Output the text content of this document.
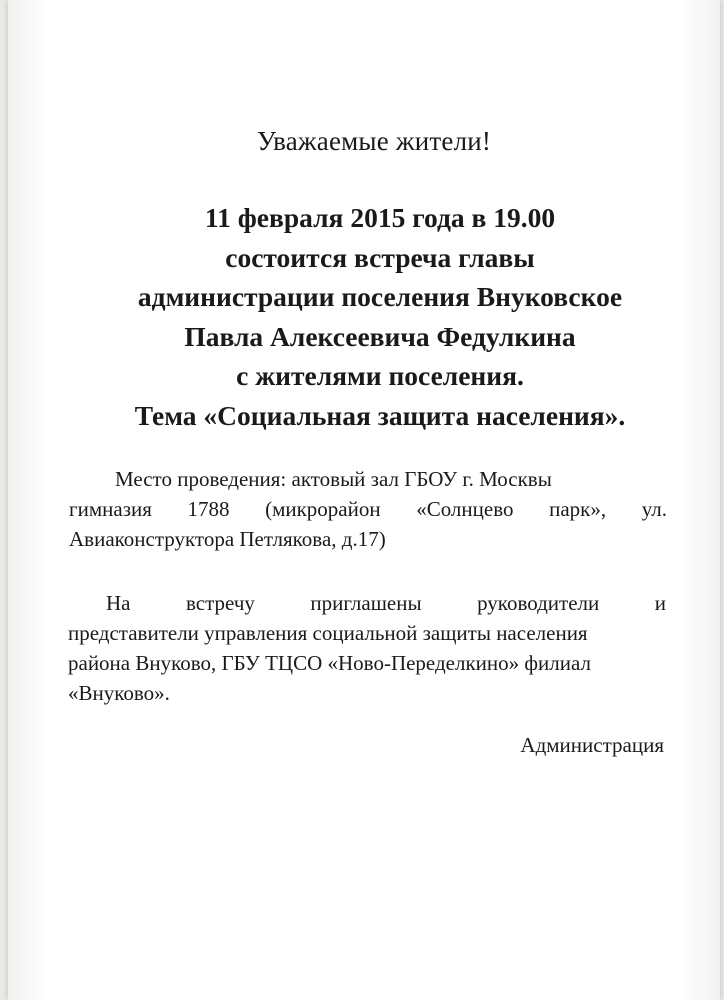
Уважаемые жители!
11 февраля 2015 года в 19.00
состоится встреча главы
администрации поселения Внуковское
Павла Алексеевича Федулкина
с жителями поселения.
Тема «Социальная защита населения».
Место проведения: актовый зал ГБОУ г. Москвы
гимназия 1788 (микрорайон «Солнцево парк», ул.
Авиаконструктора Петлякова, д.17)
На встречу приглашены руководители и
представители управления социальной защиты населения
района Внуково, ГБУ ТЦСО «Ново-Переделкино» филиал
«Внуково».
Администрация
